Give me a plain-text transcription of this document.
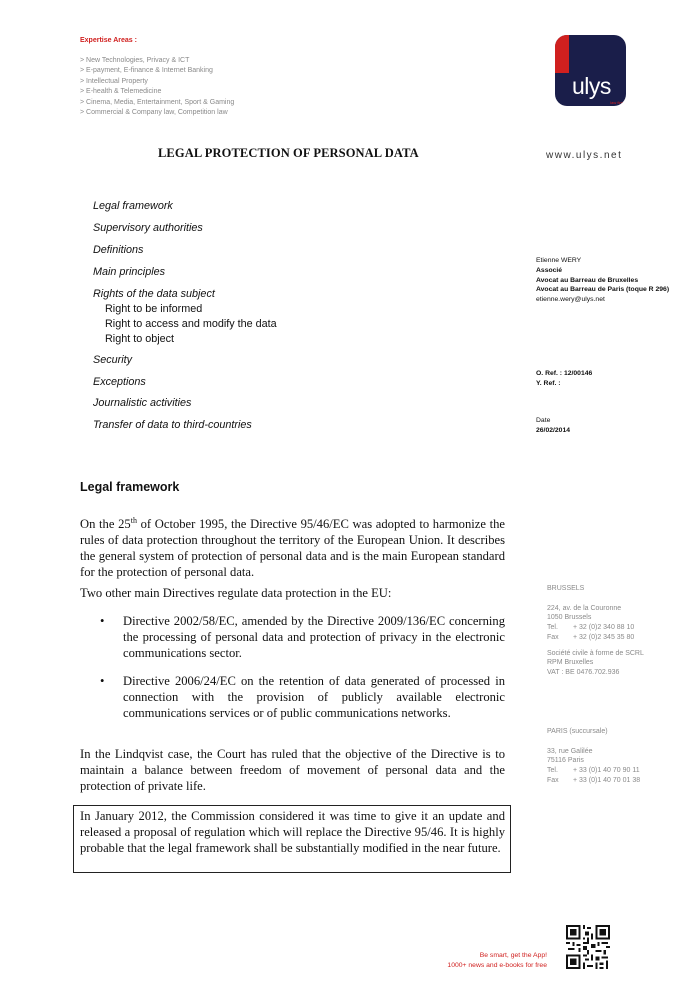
Expertise Areas :
> New Technologies, Privacy & ICT
> E-payment, E-finance & Internet Banking
> Intellectual Property
> E-health & Telemedicine
> Cinema, Media, Entertainment, Sport & Gaming
> Commercial & Company law, Competition law
ulys
law firm
LEGAL PROTECTION OF PERSONAL DATA	www.ulys.net
Legal framework
Supervisory authorities
Definitions
Main principles
Rights of the data subject
Right to be informed
Right to access and modify the data
Right to object
Security
Exceptions
Journalistic activities
Transfer of data to third-countries
Etienne WERY
Associé
Avocat au Barreau de Bruxelles
Avocat au Barreau de Paris (toque R 296)
etienne.wery@ulys.net
O. Ref. : 12/00146
Y. Ref. :
Date
26/02/2014
Legal framework
On the 25th of October 1995, the Directive 95/46/EC was adopted to harmonize the rules of data protection throughout the territory of the European Union. It describes the general system of protection of personal data and is the main European standard for the protection of personal data.
Two other main Directives regulate data protection in the EU:
• Directive 2002/58/EC, amended by the Directive 2009/136/EC concerning the processing of personal data and protection of privacy in the electronic communications sector.
• Directive 2006/24/EC on the retention of data generated of processed in connection with the provision of publicly available electronic communications services or of public communications networks.
In the Lindqvist case, the Court has ruled that the objective of the Directive is to maintain a balance between freedom of movement of personal data and the protection of private life.
In January 2012, the Commission considered it was time to give it an update and released a proposal of regulation which will replace the Directive 95/46. It is highly probable that the legal framework shall be substantially modified in the near future.
BRUSSELS
224, av. de la Couronne
1050 Brussels
Tel. + 32 (0)2 340 88 10
Fax + 32 (0)2 345 35 80
Société civile à forme de SCRL
RPM Bruxelles
VAT : BE 0476.702.936
PARIS (succursale)
33, rue Galilée
75116 Paris
Tel. + 33 (0)1 40 70 90 11
Fax + 33 (0)1 40 70 01 38
Be smart, get the App!
1000+ news and e-books for free
